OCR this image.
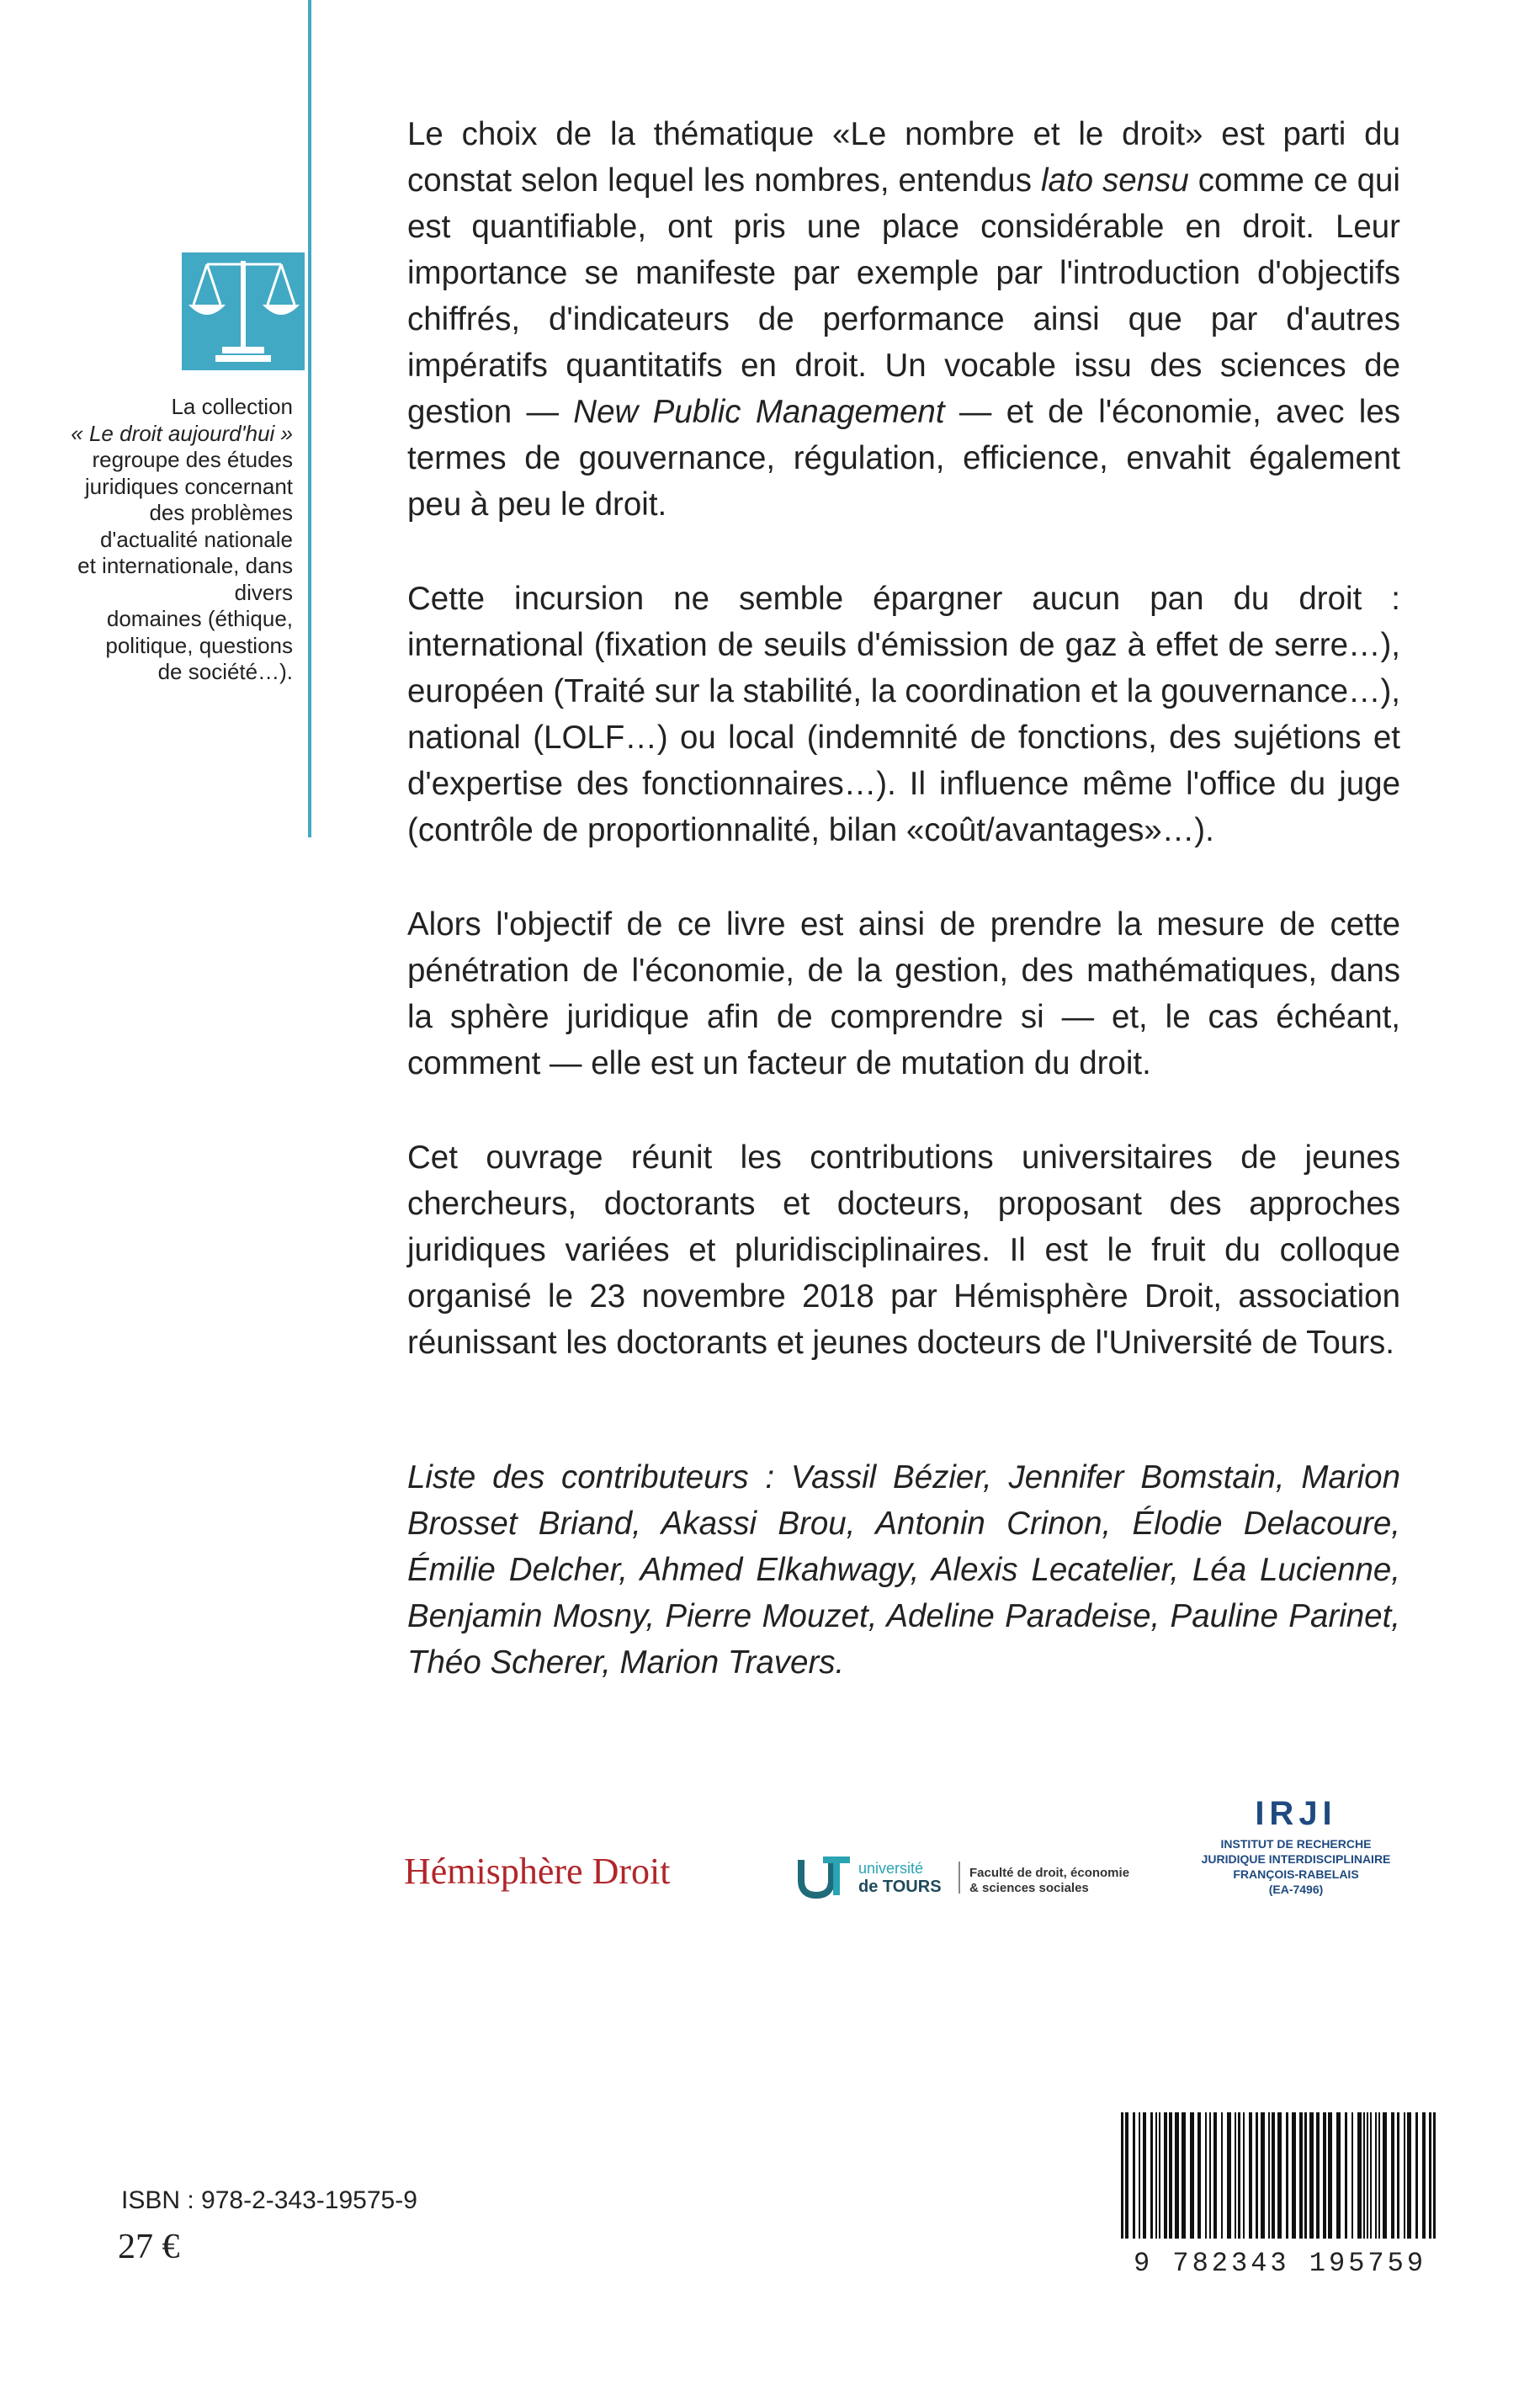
La collection

« Le droit aujourd'hui »

regroupe des études

juridiques concernant

des problèmes

d'actualité nationale

et internationale, dans

divers

domaines (éthique,

politique, questions

de société…).

Le choix de la thématique «Le nombre et le droit» est parti du constat selon lequel les nombres, entendus lato sensu comme ce qui est quantifiable, ont pris une place considérable en droit. Leur importance se manifeste par exemple par l'introduction d'objectifs chiffrés, d'indicateurs de performance ainsi que par d'autres impératifs quantitatifs en droit. Un vocable issu des sciences de gestion — New Public Management — et de l'économie, avec les termes de gouvernance, régulation, efficience, envahit également peu à peu le droit.

Cette incursion ne semble épargner aucun pan du droit : international (fixation de seuils d'émission de gaz à effet de serre…), européen (Traité sur la stabilité, la coordination et la gouvernance…), national (LOLF…) ou local (indemnité de fonctions, des sujétions et d'expertise des fonctionnaires…). Il influence même l'office du juge (contrôle de proportionnalité, bilan «coût/avantages»…).

Alors l'objectif de ce livre est ainsi de prendre la mesure de cette pénétration de l'économie, de la gestion, des mathématiques, dans la sphère juridique afin de comprendre si — et, le cas échéant, comment — elle est un facteur de mutation du droit.

Cet ouvrage réunit les contributions universitaires de jeunes chercheurs, doctorants et docteurs, proposant des approches juridiques variées et pluridisciplinaires. Il est le fruit du colloque organisé le 23 novembre 2018 par Hémisphère Droit, association réunissant les doctorants et jeunes docteurs de l'Université de Tours.

Liste des contributeurs : Vassil Bézier, Jennifer Bomstain, Marion Brosset Briand, Akassi Brou, Antonin Crinon, Élodie Delacoure, Émilie Delcher, Ahmed Elkahwagy, Alexis Lecatelier, Léa Lucienne, Benjamin Mosny, Pierre Mouzet, Adeline Paradeise, Pauline Parinet, Théo Scherer, Marion Travers.

Hémisphère Droit	université
de TOURS
Faculté de droit, économie
& sciences sociales
IRJI
INSTITUT DE RECHERCHE
JURIDIQUE INTERDISCIPLINAIRE
FRANÇOIS-RABELAIS
(EA-7496)
ISBN : 978-2-343-19575-9
27 €	9 782343 195759
